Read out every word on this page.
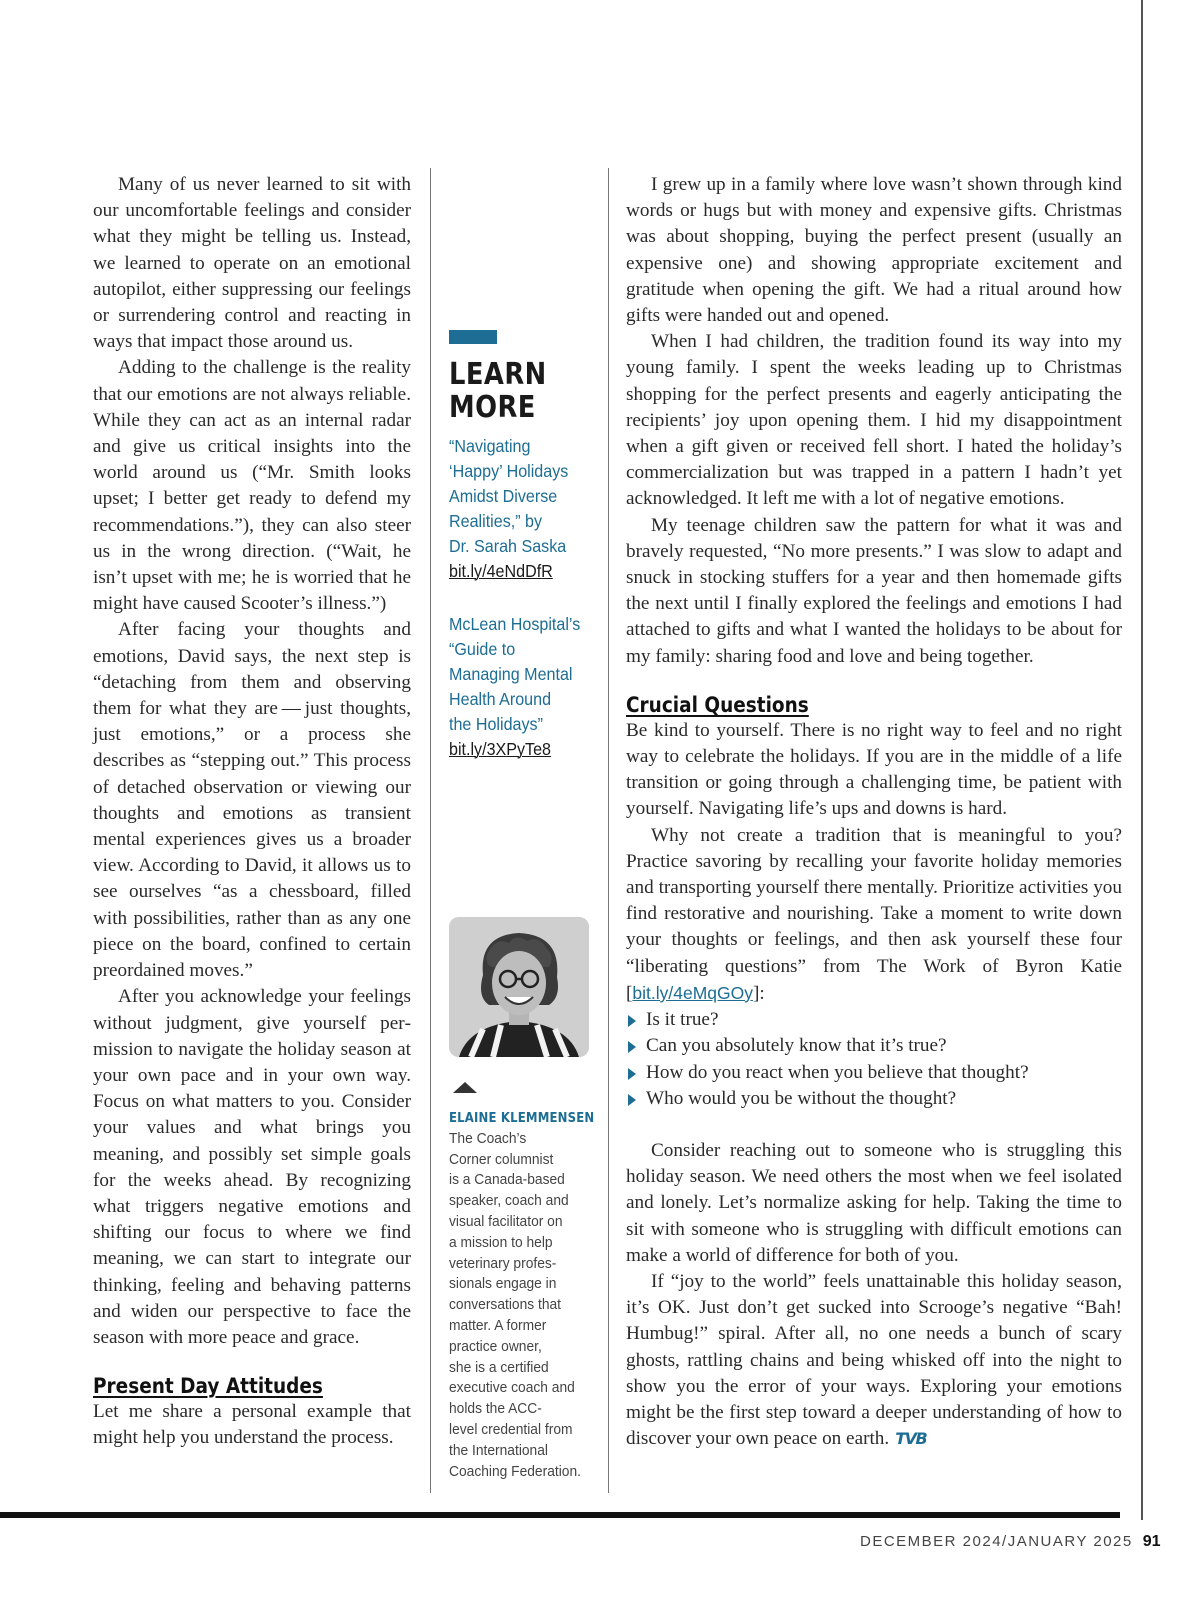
Many of us never learned to sit with our uncomfortable feelings and consider what they might be telling us. Instead, we learned to operate on an emotional autopilot, either suppressing our feelings or surrendering control and reacting in ways that impact those around us.

Adding to the challenge is the reality that our emotions are not always reliable. While they can act as an internal radar and give us critical insights into the world around us (“Mr. Smith looks upset; I better get ready to defend my recommendations.”), they can also steer us in the wrong direction. (“Wait, he isn’t upset with me; he is worried that he might have caused Scooter’s illness.”)

After facing your thoughts and emotions, David says, the next step is “detaching from them and observing them for what they are — just thoughts, just emotions,” or a process she describes as “stepping out.” This process of detached observation or viewing our thoughts and emotions as transient mental experiences gives us a broader view. According to David, it allows us to see ourselves “as a chessboard, filled with possibilities, rather than as any one piece on the board, confined to certain preordained moves.”

After you acknowledge your feelings without judgment, give yourself permission to navigate the holiday season at your own pace and in your own way. Focus on what matters to you. Consider your values and what brings you meaning, and possibly set simple goals for the weeks ahead. By recognizing what triggers negative emotions and shifting our focus to where we find meaning, we can start to integrate our thinking, feeling and behaving patterns and widen our perspective to face the season with more peace and grace.

Present Day Attitudes

Let me share a personal example that might help you understand the process.

LEARN
MORE
“Navigating
‘Happy’ Holidays
Amidst Diverse
Realities,” by
Dr. Sarah Saska
bit.ly/4eNdDfR
McLean Hospital’s
“Guide to
Managing Mental
Health Around
the Holidays”
bit.ly/3XPyTe8
ELAINE KLEMMENSEN
The Coach’s
Corner columnist
is a Canada-based
speaker, coach and
visual facilitator on
a mission to help
veterinary profes-
sionals engage in
conversations that
matter. A former
practice owner,
she is a certified
executive coach and
holds the ACC-
level credential from
the International
Coaching Federation.

I grew up in a family where love wasn’t shown through kind words or hugs but with money and expensive gifts. Christmas was about shopping, buying the perfect present (usually an expensive one) and showing appropriate excitement and gratitude when opening the gift. We had a ritual around how gifts were handed out and opened.

When I had children, the tradition found its way into my young family. I spent the weeks leading up to Christmas shopping for the perfect presents and eagerly anticipating the recipients’ joy upon opening them. I hid my disappointment when a gift given or received fell short. I hated the holiday’s commercialization but was trapped in a pattern I hadn’t yet acknowledged. It left me with a lot of negative emotions.

My teenage children saw the pattern for what it was and bravely requested, “No more presents.” I was slow to adapt and snuck in stocking stuffers for a year and then homemade gifts the next until I finally explored the feelings and emotions I had attached to gifts and what I wanted the holidays to be about for my family: sharing food and love and being together.

Crucial Questions

Be kind to yourself. There is no right way to feel and no right way to celebrate the holidays. If you are in the middle of a life transition or going through a challenging time, be patient with yourself. Navigating life’s ups and downs is hard.

Why not create a tradition that is meaningful to you? Practice savoring by recalling your favorite holiday memories and transporting yourself there mentally. Prioritize activities you find restorative and nourishing. Take a moment to write down your thoughts or feelings, and then ask yourself these four “liberating questions” from The Work of Byron Katie [bit.ly/4eMqGOy]:

Is it true?
Can you absolutely know that it’s true?
How do you react when you believe that thought?
Who would you be without the thought?

Consider reaching out to someone who is struggling this holiday season. We need others the most when we feel isolated and lonely. Let’s normalize asking for help. Taking the time to sit with someone who is struggling with difficult emotions can make a world of difference for both of you.

If “joy to the world” feels unattainable this holiday season, it’s OK. Just don’t get sucked into Scrooge’s negative “Bah! Humbug!” spiral. After all, no one needs a bunch of scary ghosts, rattling chains and being whisked off into the night to show you the error of your ways. Exploring your emotions might be the first step toward a deeper understanding of how to discover your own peace on earth. TVB

DECEMBER 2024/JANUARY 2025 91
